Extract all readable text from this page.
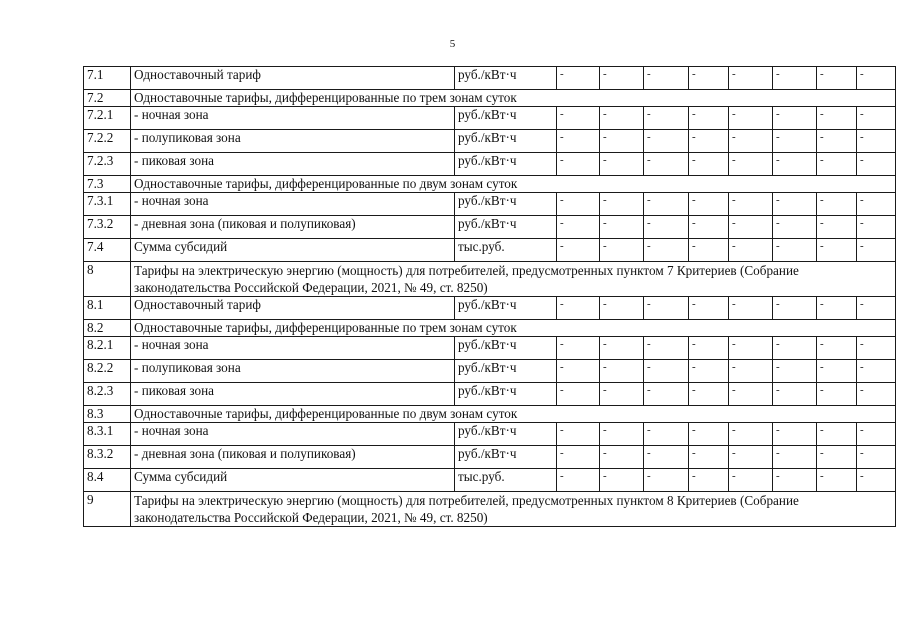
5
7.1	Одноставочный тариф	руб./кВт·ч	-	-	-	-	-	-	-	-
7.2	Одноставочные тарифы, дифференцированные по трем зонам суток									
7.2.1	- ночная зона	руб./кВт·ч	-	-	-	-	-	-	-	-
7.2.2	- полупиковая зона	руб./кВт·ч	-	-	-	-	-	-	-	-
7.2.3	- пиковая зона	руб./кВт·ч	-	-	-	-	-	-	-	-
7.3	Одноставочные тарифы, дифференцированные по двум зонам суток									
7.3.1	- ночная зона	руб./кВт·ч	-	-	-	-	-	-	-	-
7.3.2	- дневная зона (пиковая и полупиковая)	руб./кВт·ч	-	-	-	-	-	-	-	-
7.4	Сумма субсидий	тыс.руб.	-	-	-	-	-	-	-	-
8	Тарифы на электрическую энергию (мощность) для потребителей, предусмотренных пунктом 7 Критериев (Собрание законодательства Российской Федерации, 2021, № 49, ст. 8250)									
8.1	Одноставочный тариф	руб./кВт·ч	-	-	-	-	-	-	-	-
8.2	Одноставочные тарифы, дифференцированные по трем зонам суток									
8.2.1	- ночная зона	руб./кВт·ч	-	-	-	-	-	-	-	-
8.2.2	- полупиковая зона	руб./кВт·ч	-	-	-	-	-	-	-	-
8.2.3	- пиковая зона	руб./кВт·ч	-	-	-	-	-	-	-	-
8.3	Одноставочные тарифы, дифференцированные по двум зонам суток									
8.3.1	- ночная зона	руб./кВт·ч	-	-	-	-	-	-	-	-
8.3.2	- дневная зона (пиковая и полупиковая)	руб./кВт·ч	-	-	-	-	-	-	-	-
8.4	Сумма субсидий	тыс.руб.	-	-	-	-	-	-	-	-
9	Тарифы на электрическую энергию (мощность) для потребителей, предусмотренных пунктом 8 Критериев (Собрание законодательства Российской Федерации, 2021, № 49, ст. 8250)									
